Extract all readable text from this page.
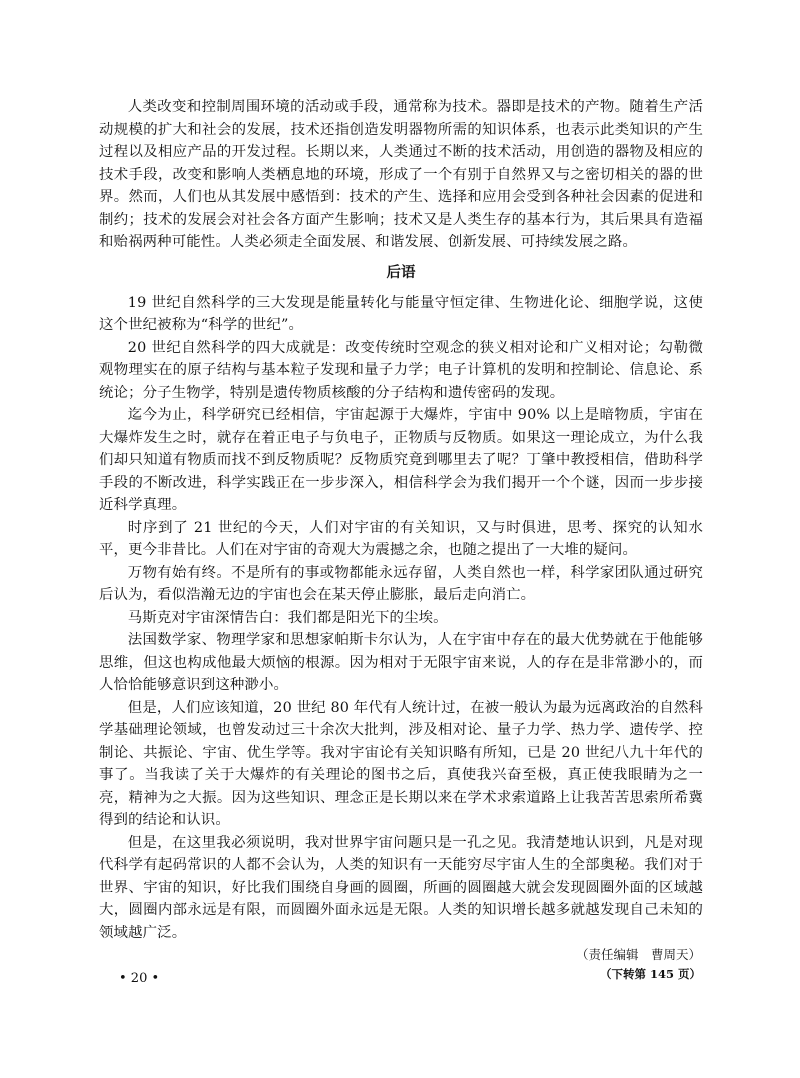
人类改变和控制周围环境的活动或手段，通常称为技术。器即是技术的产物。随着生产活动规模的扩大和社会的发展，技术还指创造发明器物所需的知识体系，也表示此类知识的产生过程以及相应产品的开发过程。长期以来，人类通过不断的技术活动，用创造的器物及相应的技术手段，改变和影响人类栖息地的环境，形成了一个有别于自然界又与之密切相关的器的世界。然而，人们也从其发展中感悟到：技术的产生、选择和应用会受到各种社会因素的促进和制约；技术的发展会对社会各方面产生影响；技术又是人类生存的基本行为，其后果具有造福和贻祸两种可能性。人类必须走全面发展、和谐发展、创新发展、可持续发展之路。

后语

19 世纪自然科学的三大发现是能量转化与能量守恒定律、生物进化论、细胞学说，这使这个世纪被称为“科学的世纪”。

20 世纪自然科学的四大成就是：改变传统时空观念的狭义相对论和广义相对论；勾勒微观物理实在的原子结构与基本粒子发现和量子力学；电子计算机的发明和控制论、信息论、系统论；分子生物学，特别是遗传物质核酸的分子结构和遗传密码的发现。

迄今为止，科学研究已经相信，宇宙起源于大爆炸，宇宙中 90% 以上是暗物质，宇宙在大爆炸发生之时，就存在着正电子与负电子，正物质与反物质。如果这一理论成立，为什么我们却只知道有物质而找不到反物质呢？反物质究竟到哪里去了呢？丁肇中教授相信，借助科学手段的不断改进，科学实践正在一步步深入，相信科学会为我们揭开一个个谜，因而一步步接近科学真理。

时序到了 21 世纪的今天，人们对宇宙的有关知识，又与时俱进，思考、探究的认知水平，更今非昔比。人们在对宇宙的奇观大为震撼之余，也随之提出了一大堆的疑问。

万物有始有终。不是所有的事或物都能永远存留，人类自然也一样，科学家团队通过研究后认为，看似浩瀚无边的宇宙也会在某天停止膨胀，最后走向消亡。

马斯克对宇宙深情告白：我们都是阳光下的尘埃。

法国数学家、物理学家和思想家帕斯卡尔认为，人在宇宙中存在的最大优势就在于他能够思维，但这也构成他最大烦恼的根源。因为相对于无限宇宙来说，人的存在是非常渺小的，而人恰恰能够意识到这种渺小。

但是，人们应该知道，20 世纪 80 年代有人统计过，在被一般认为最为远离政治的自然科学基础理论领域，也曾发动过三十余次大批判，涉及相对论、量子力学、热力学、遗传学、控制论、共振论、宇宙、优生学等。我对宇宙论有关知识略有所知，已是 20 世纪八九十年代的事了。当我读了关于大爆炸的有关理论的图书之后，真使我兴奋至极，真正使我眼睛为之一亮，精神为之大振。因为这些知识、理念正是长期以来在学术求索道路上让我苦苦思索所希冀得到的结论和认识。

但是，在这里我必须说明，我对世界宇宙问题只是一孔之见。我清楚地认识到，凡是对现代科学有起码常识的人都不会认为，人类的知识有一天能穷尽宇宙人生的全部奥秘。我们对于世界、宇宙的知识，好比我们围绕自身画的圆圈，所画的圆圈越大就会发现圆圈外面的区域越大，圆圈内部永远是有限，而圆圈外面永远是无限。人类的知识增长越多就越发现自己未知的领域越广泛。

（责任编辑　曹周天）

（下转第 145 页）

• 20 •
